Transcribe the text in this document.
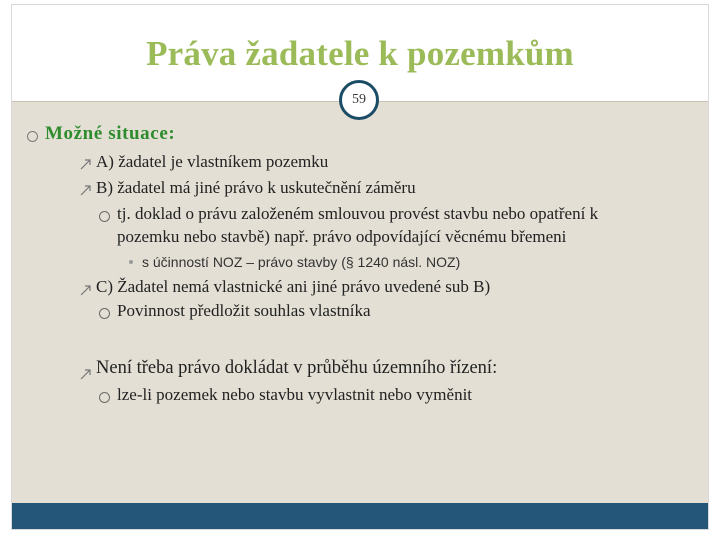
Práva žadatele k pozemkům
59
Možné situace:
A) žadatel je vlastníkem pozemku
B) žadatel má jiné právo k uskutečnění záměru
tj. doklad o právu založeném smlouvou provést stavbu nebo opatření k
pozemku nebo stavbě) např. právo odpovídající věcnému břemeni
s účinností NOZ – právo stavby (§ 1240 násl. NOZ)
C) Žadatel nemá vlastnické ani jiné právo uvedené sub B)
Povinnost předložit souhlas vlastníka
Není třeba právo dokládat v průběhu územního řízení:
lze-li pozemek nebo stavbu vyvlastnit nebo vyměnit
